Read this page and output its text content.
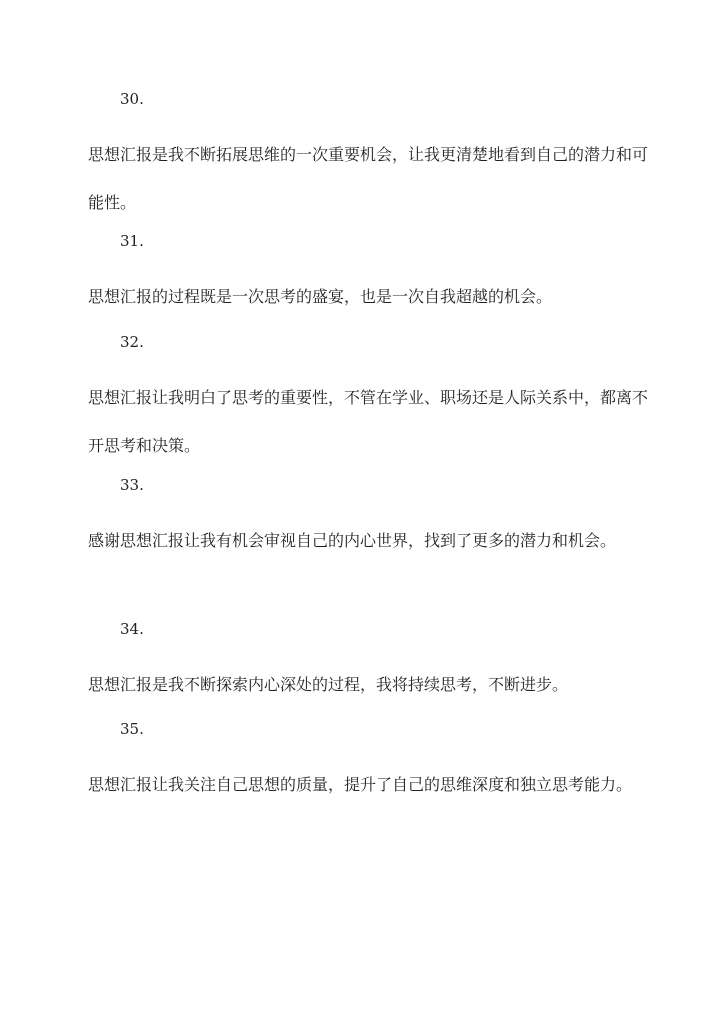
30.
思想汇报是我不断拓展思维的一次重要机会，让我更清楚地看到自己的潜力和可能性。
31.
思想汇报的过程既是一次思考的盛宴，也是一次自我超越的机会。
32.
思想汇报让我明白了思考的重要性，不管在学业、职场还是人际关系中，都离不开思考和决策。
33.
感谢思想汇报让我有机会审视自己的内心世界，找到了更多的潜力和机会。
34.
思想汇报是我不断探索内心深处的过程，我将持续思考，不断进步。
35.
思想汇报让我关注自己思想的质量，提升了自己的思维深度和独立思考能力。
